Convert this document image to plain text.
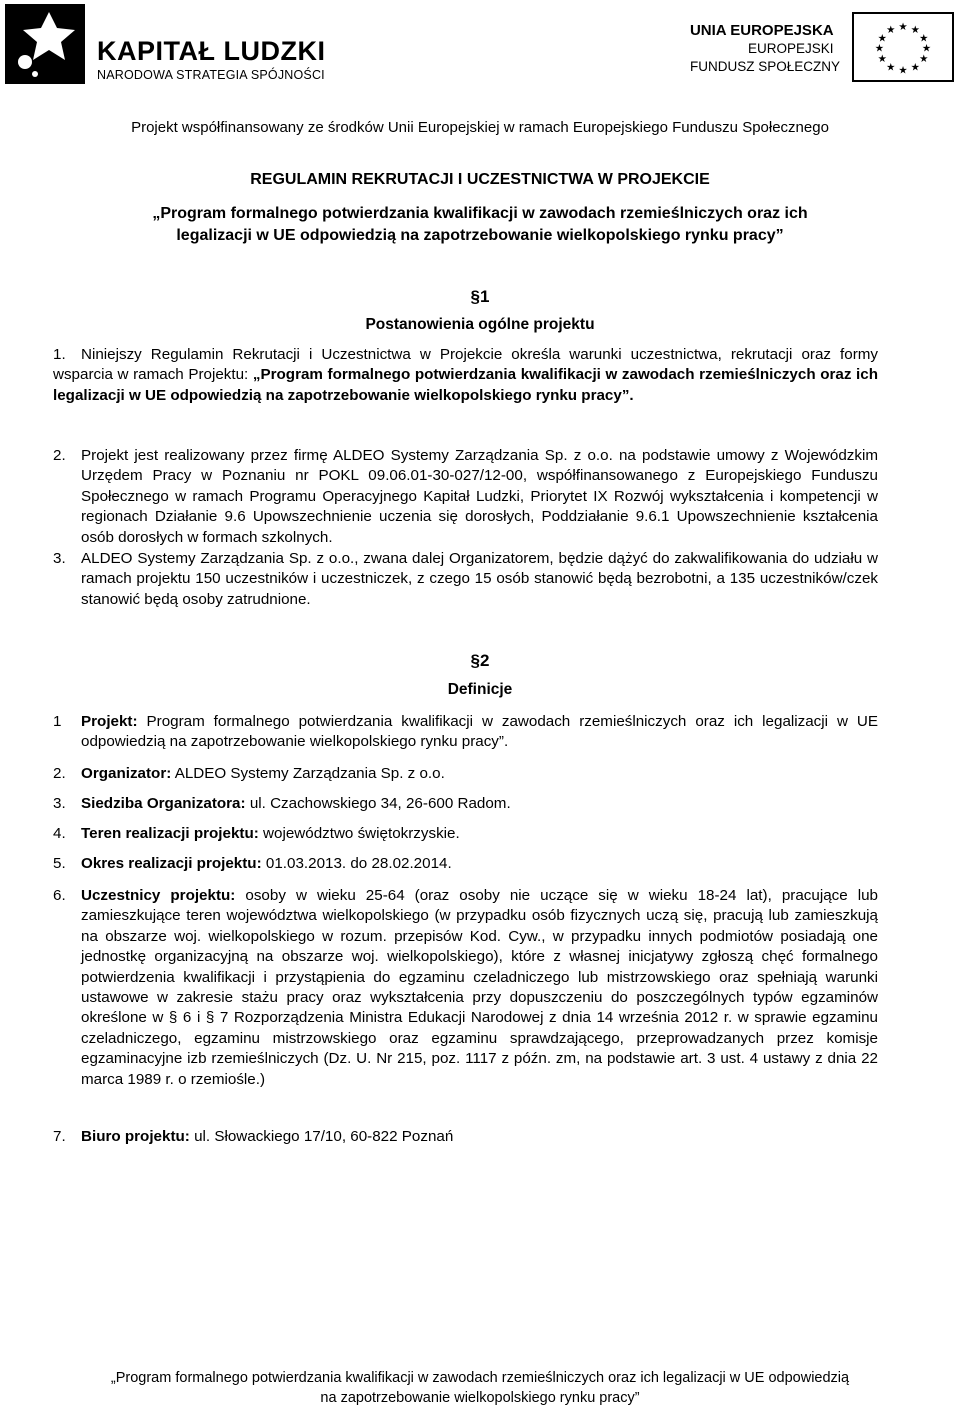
KAPITAŁ LUDZKI
NARODOWA STRATEGIA SPÓJNOŚCI
UNIA EUROPEJSKA
EUROPEJSKI
FUNDUSZ SPOŁECZNY
★ ★
★
★
★
★
★
★
★
★
★
★
Projekt współfinansowany ze środków Unii Europejskiej w ramach Europejskiego Funduszu Społecznego
REGULAMIN REKRUTACJI I UCZESTNICTWA W PROJEKCIE
„Program formalnego potwierdzania kwalifikacji w zawodach rzemieślniczych oraz ich
legalizacji w UE odpowiedzią na zapotrzebowanie wielkopolskiego rynku pracy”
§1
Postanowienia ogólne projektu
1.	Niniejszy Regulamin Rekrutacji i Uczestnictwa w Projekcie określa warunki uczestnictwa, rekrutacji oraz formy wsparcia w ramach Projektu: „Program formalnego potwierdzania kwalifikacji w zawodach rzemieślniczych oraz ich legalizacji w UE odpowiedzią na zapotrzebowanie wielkopolskiego rynku pracy”.
2. Projekt jest realizowany przez firmę ALDEO Systemy Zarządzania Sp. z o.o. na podstawie umowy z Wojewódzkim Urzędem Pracy w Poznaniu nr POKL 09.06.01-30-027/12-00, współfinansowanego z Europejskiego Funduszu Społecznego w ramach Programu Operacyjnego Kapitał Ludzki, Priorytet IX Rozwój wykształcenia i kompetencji w regionach Działanie 9.6 Upowszechnienie uczenia się dorosłych, Poddziałanie 9.6.1 Upowszechnienie kształcenia osób dorosłych w formach szkolnych.
3. ALDEO Systemy Zarządzania Sp. z o.o., zwana dalej Organizatorem, będzie dążyć do zakwalifikowania do udziału w ramach projektu 150 uczestników i uczestniczek, z czego 15 osób stanowić będą bezrobotni, a 135 uczestników/czek stanowić będą osoby zatrudnione.
§2
Definicje
1 Projekt: Program formalnego potwierdzania kwalifikacji w zawodach rzemieślniczych oraz ich legalizacji w UE odpowiedzią na zapotrzebowanie wielkopolskiego rynku pracy”.
2. Organizator: ALDEO Systemy Zarządzania Sp. z o.o.
3. Siedziba Organizatora: ul. Czachowskiego 34, 26-600 Radom.
4. Teren realizacji projektu: województwo świętokrzyskie.
5. Okres realizacji projektu: 01.03.2013. do 28.02.2014.
6. Uczestnicy projektu: osoby w wieku 25-64 (oraz osoby nie uczące się w wieku 18-24 lat), pracujące lub zamieszkujące teren województwa wielkopolskiego (w przypadku osób fizycznych uczą się, pracują lub zamieszkują na obszarze woj. wielkopolskiego w rozum. przepisów Kod. Cyw., w przypadku innych podmiotów posiadają one jednostkę organizacyjną na obszarze woj. wielkopolskiego), które z własnej inicjatywy zgłoszą chęć formalnego potwierdzenia kwalifikacji i przystąpienia do egzaminu czeladniczego lub mistrzowskiego oraz spełniają warunki ustawowe w zakresie stażu pracy oraz wykształcenia przy dopuszczeniu do poszczególnych typów egzaminów określone w § 6 i § 7 Rozporządzenia Ministra Edukacji Narodowej z dnia 14 września 2012 r. w sprawie egzaminu czeladniczego, egzaminu mistrzowskiego oraz egzaminu sprawdzającego, przeprowadzanych przez komisje egzaminacyjne izb rzemieślniczych (Dz. U. Nr 215, poz. 1117 z późn. zm, na podstawie art. 3 ust. 4 ustawy z dnia 22 marca 1989 r. o rzemiośle.)
7. Biuro projektu: ul. Słowackiego 17/10, 60-822 Poznań
„Program formalnego potwierdzania kwalifikacji w zawodach rzemieślniczych oraz ich legalizacji w UE odpowiedzią
na zapotrzebowanie wielkopolskiego rynku pracy”
